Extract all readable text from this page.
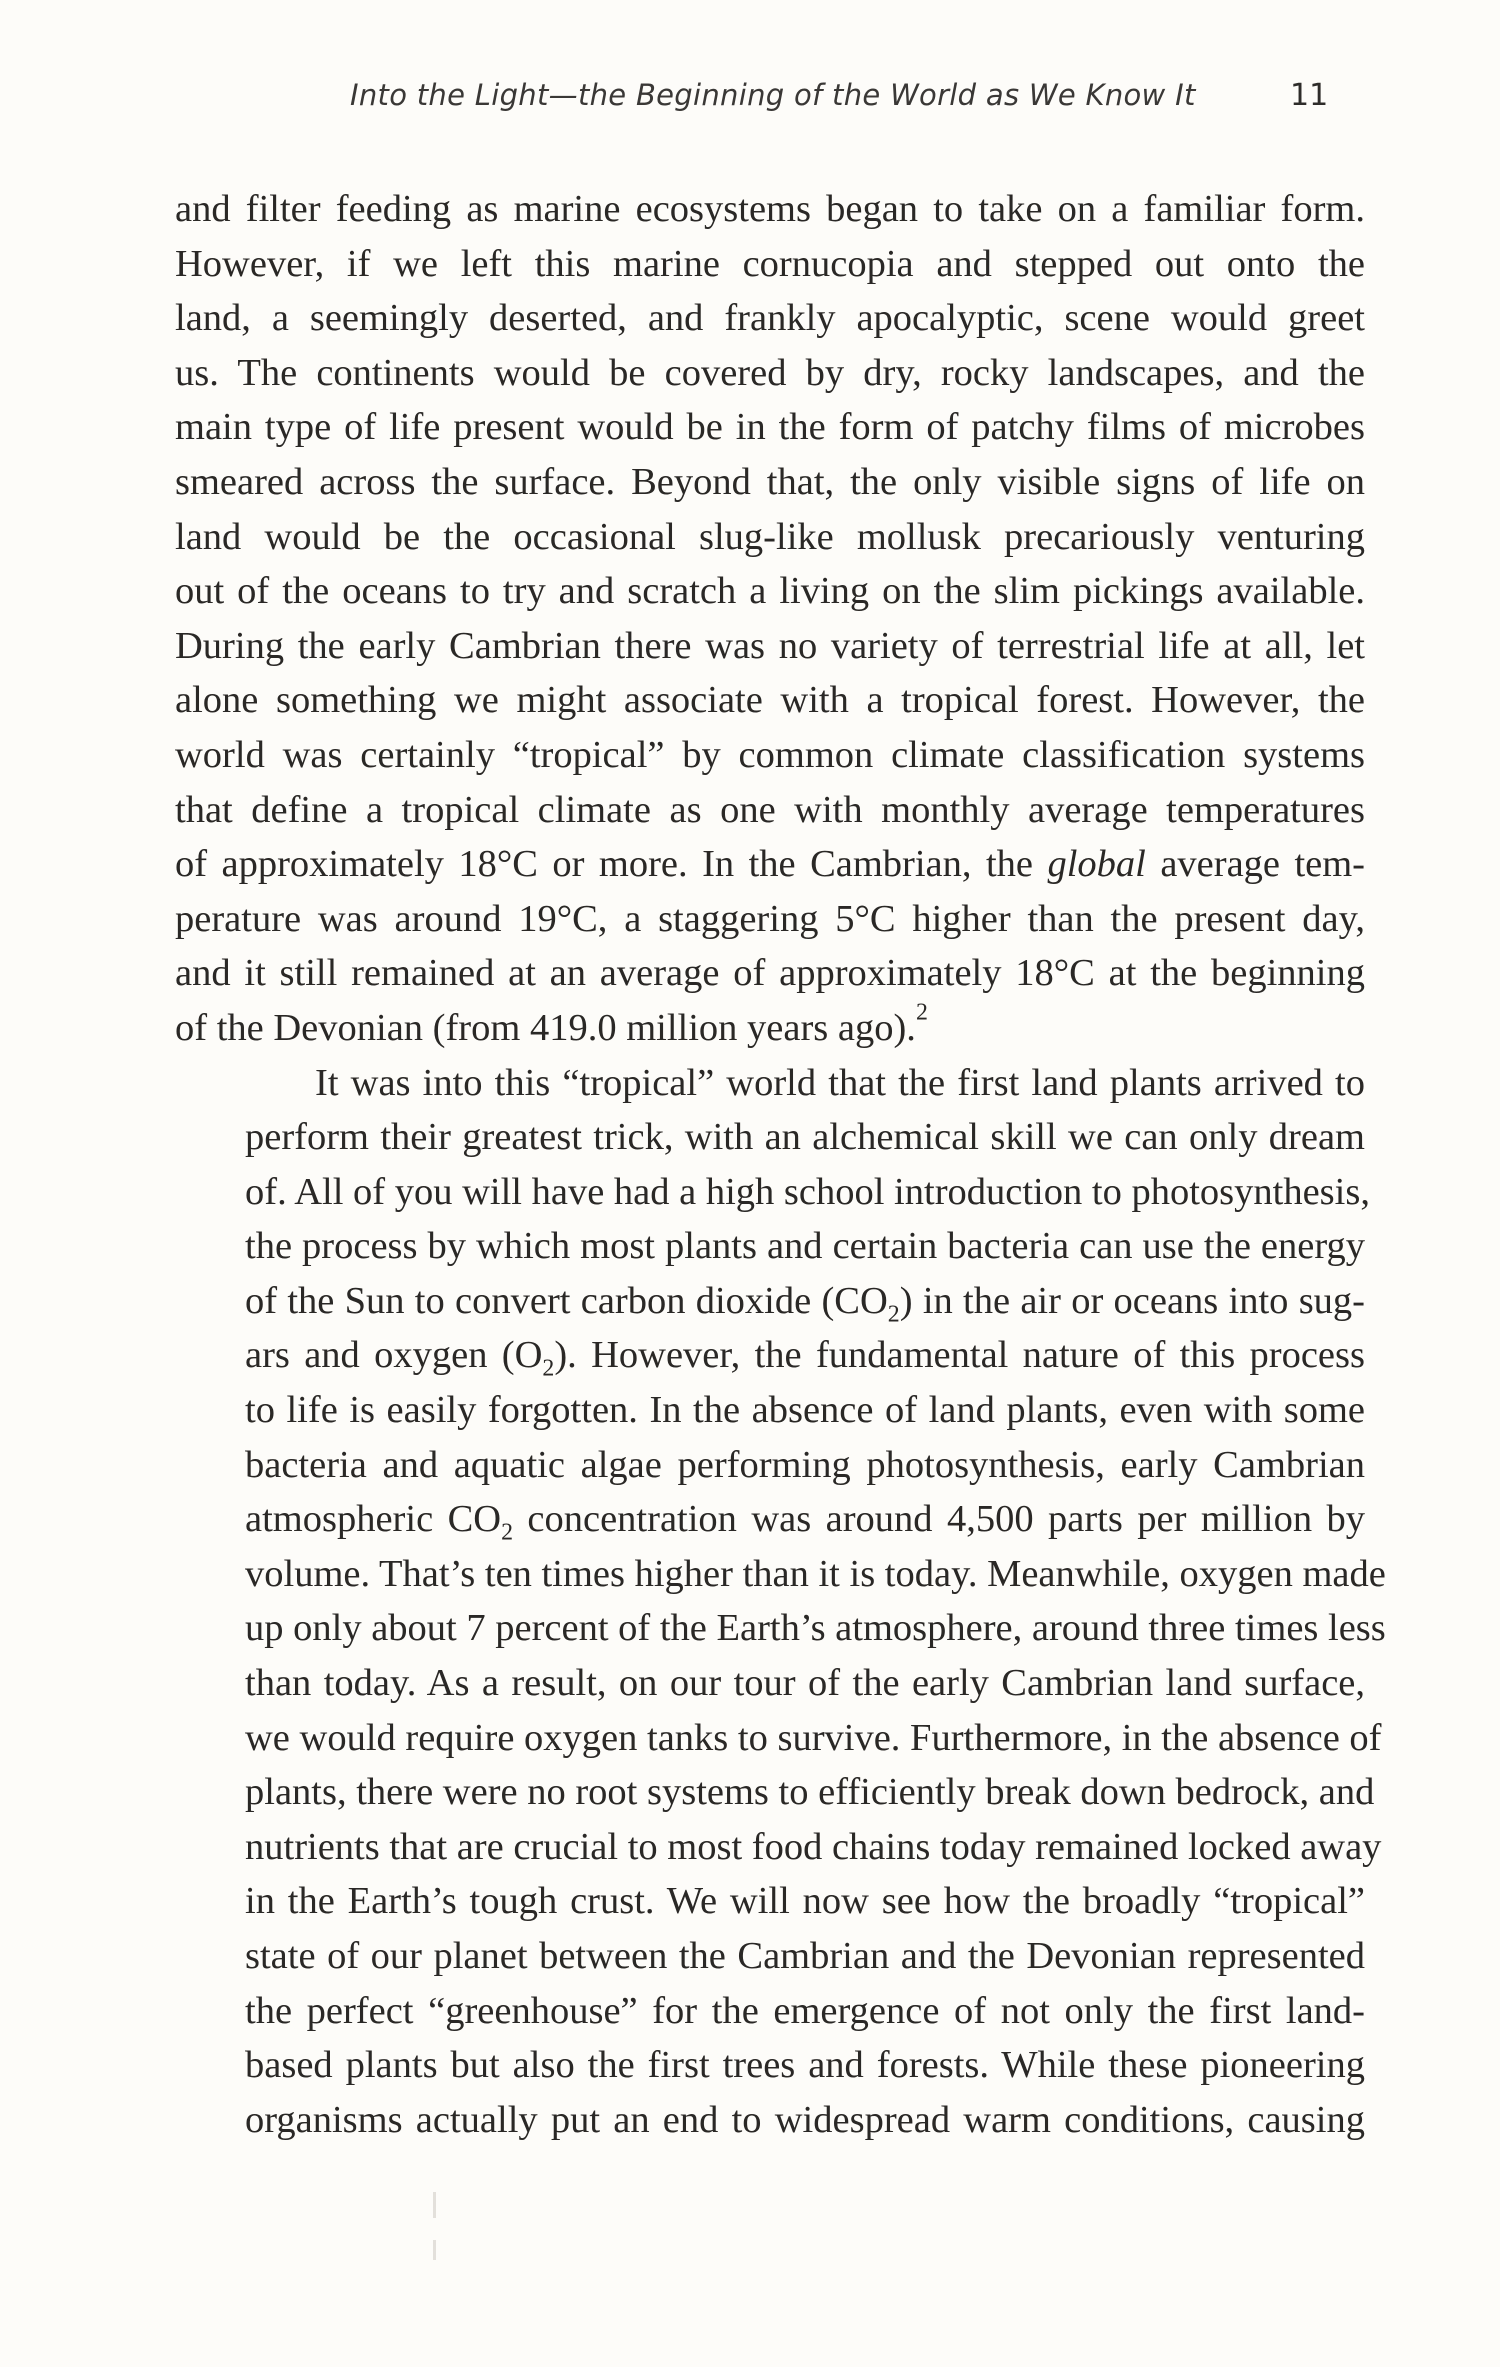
Into the Light—the Beginning of the World as We Know It	11
and filter feeding as marine ecosystems began to take on a familiar form.
However, if we left this marine cornucopia and stepped out onto the
land, a seemingly deserted, and frankly apocalyptic, scene would greet
us. The continents would be covered by dry, rocky landscapes, and the
main type of life present would be in the form of patchy films of microbes
smeared across the surface. Beyond that, the only visible signs of life on
land would be the occasional slug-like mollusk precariously venturing
out of the oceans to try and scratch a living on the slim pickings available.
During the early Cambrian there was no variety of terrestrial life at all, let
alone something we might associate with a tropical forest. However, the
world was certainly “tropical” by common climate classification systems
that define a tropical climate as one with monthly average temperatures
of approximately 18°C or more. In the Cambrian, the global average tem-
perature was around 19°C, a staggering 5°C higher than the present day,
and it still remained at an average of approximately 18°C at the beginning
of the Devonian (from 419.0 million years ago).$^2$
It was into this “tropical” world that the first land plants arrived to
perform their greatest trick, with an alchemical skill we can only dream
of. All of you will have had a high school introduction to photosynthesis,
the process by which most plants and certain bacteria can use the energy
of the Sun to convert carbon dioxide $(CO_2)$ in the air or oceans into sug-
ars and oxygen $(O_2)$. However, the fundamental nature of this process
to life is easily forgotten. In the absence of land plants, even with some
bacteria and aquatic algae performing photosynthesis, early Cambrian
atmospheric $CO_2$ concentration was around 4,500 parts per million by
volume. That’s ten times higher than it is today. Meanwhile, oxygen made
up only about 7 percent of the Earth’s atmosphere, around three times less
than today. As a result, on our tour of the early Cambrian land surface,
we would require oxygen tanks to survive. Furthermore, in the absence of
plants, there were no root systems to efficiently break down bedrock, and
nutrients that are crucial to most food chains today remained locked away
in the Earth’s tough crust. We will now see how the broadly “tropical”
state of our planet between the Cambrian and the Devonian represented
the perfect “greenhouse” for the emergence of not only the first land-
based plants but also the first trees and forests. While these pioneering
organisms actually put an end to widespread warm conditions, causing
